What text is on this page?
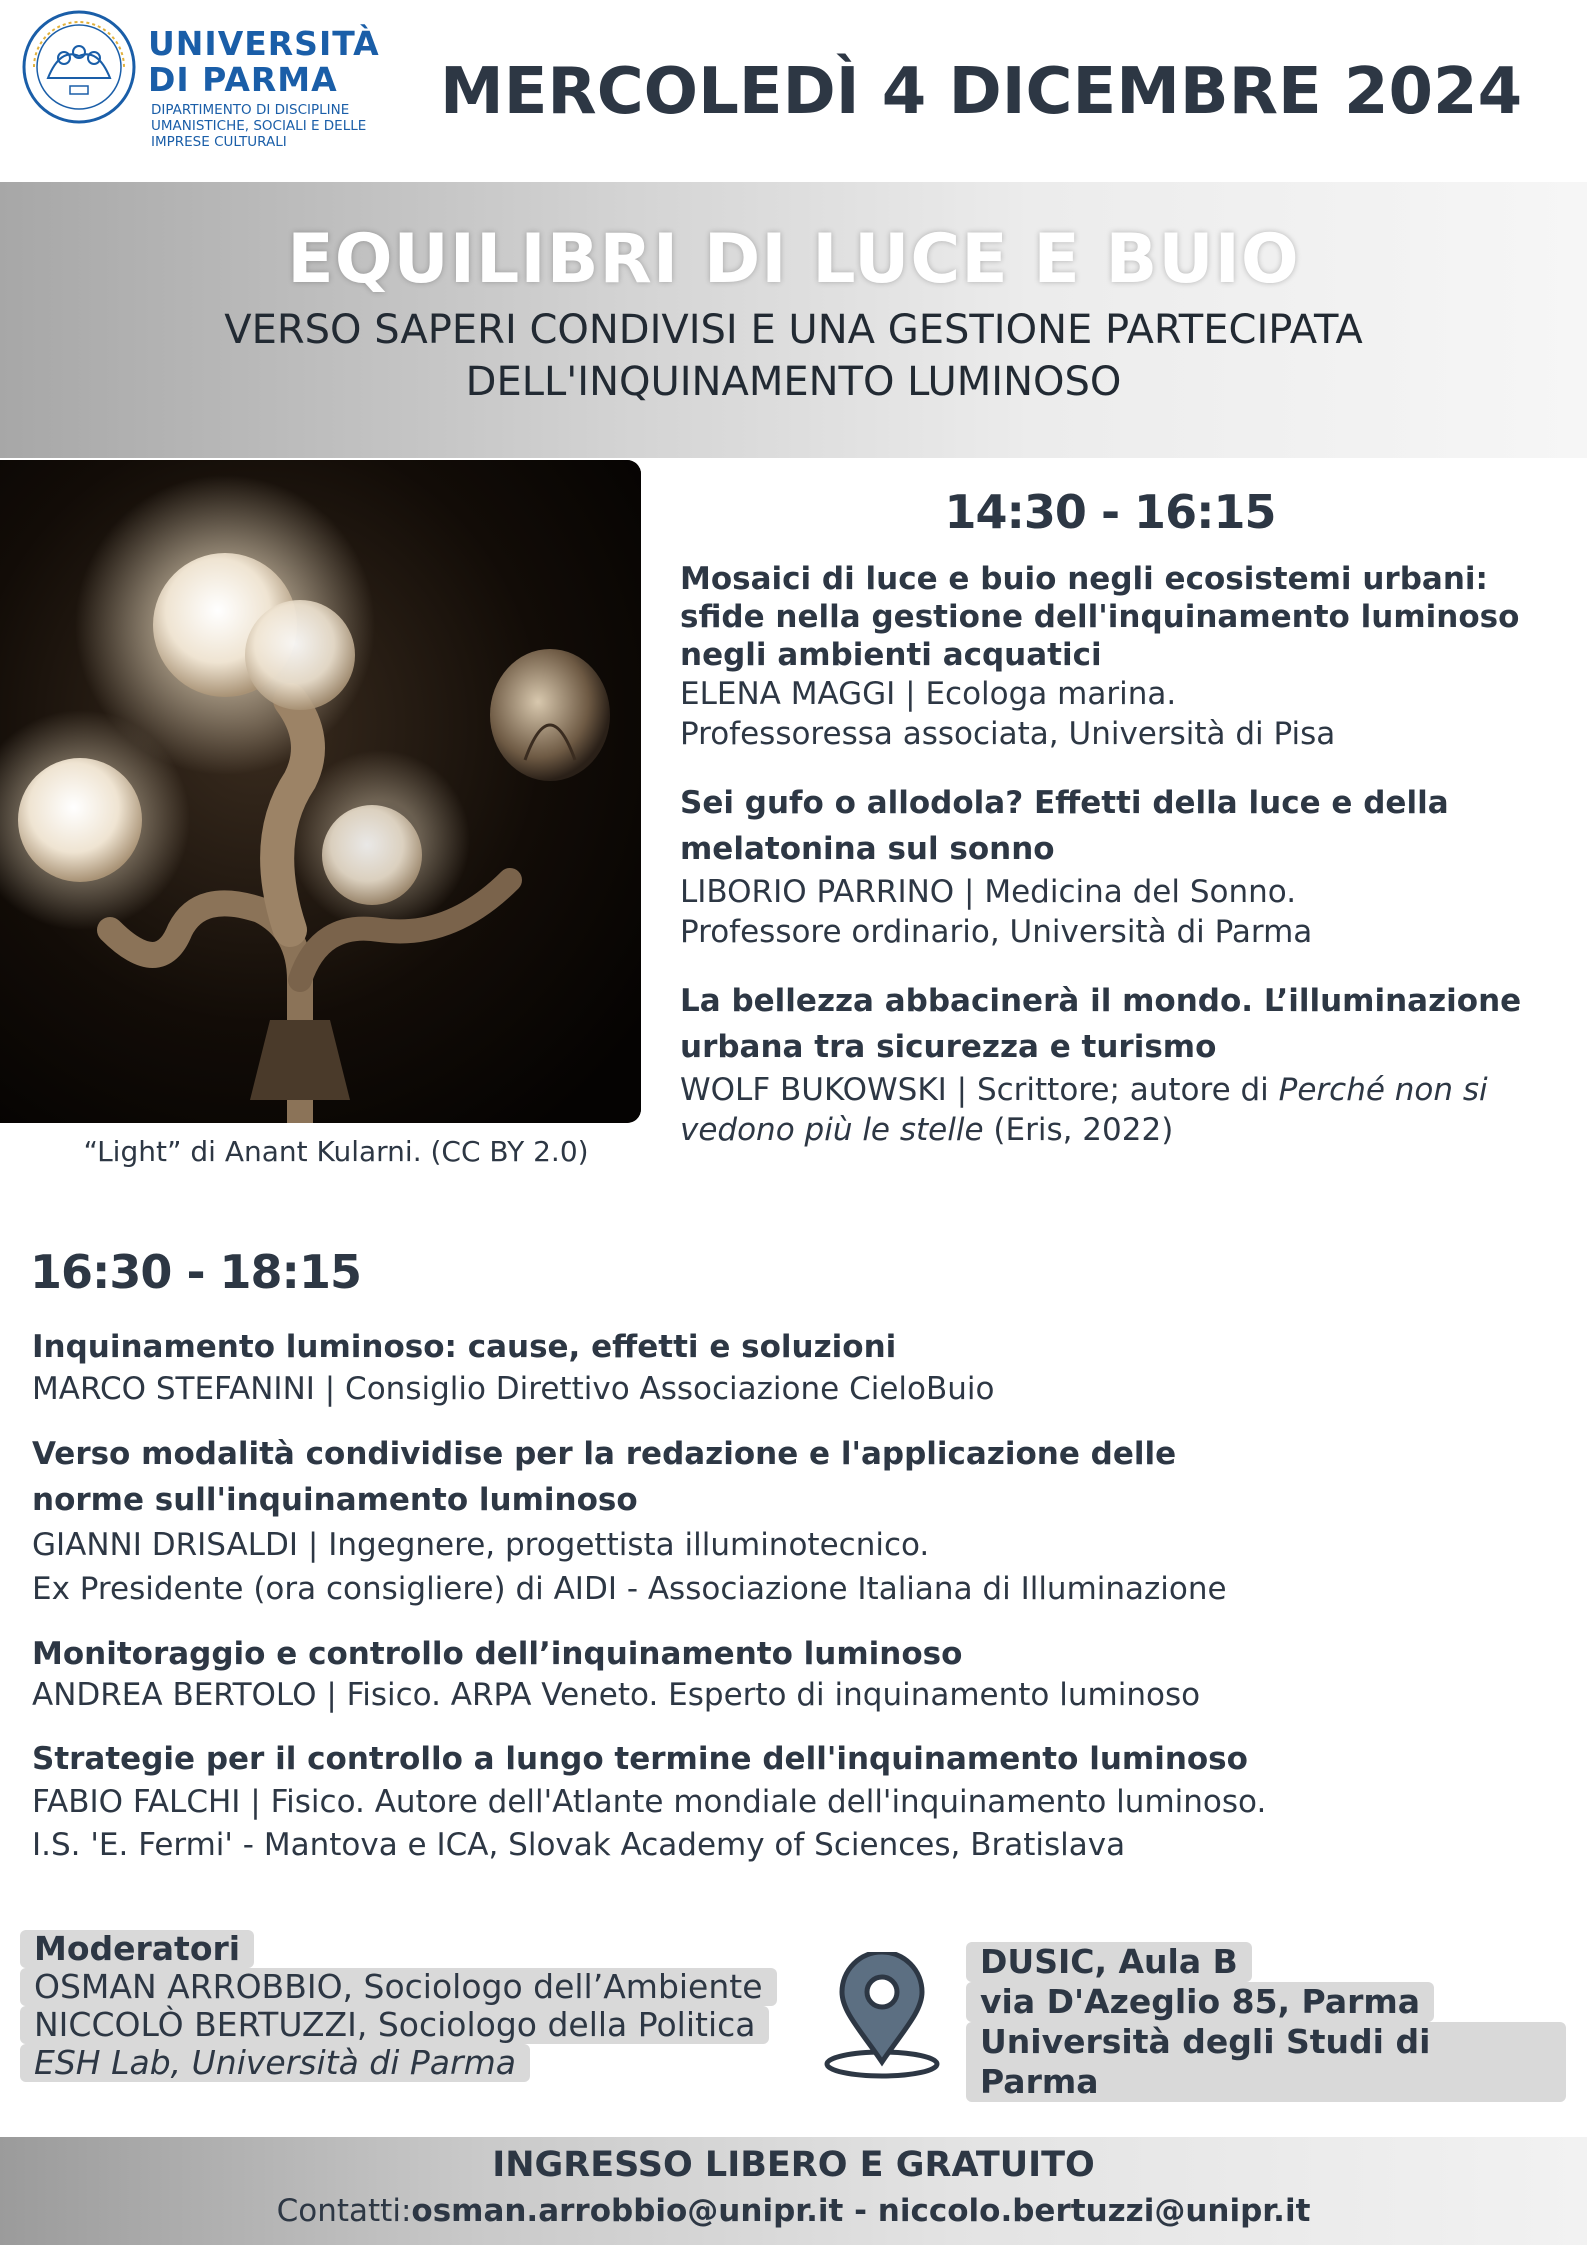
UNIVERSITÀ
DI PARMA
DIPARTIMENTO DI DISCIPLINE UMANISTICHE, SOCIALI E DELLE IMPRESE CULTURALI
MERCOLEDÌ 4 DICEMBRE 2024
EQUILIBRI DI LUCE E BUIO
VERSO SAPERI CONDIVISI E UNA GESTIONE PARTECIPATA
DELL'INQUINAMENTO LUMINOSO
“Light” di Anant Kularni. (CC BY 2.0)
14:30 - 16:15
Mosaici di luce e buio negli ecosistemi urbani: sfide nella gestione dell'inquinamento luminoso negli ambienti acquatici
ELENA MAGGI | Ecologa marina.
Professoressa associata, Università di Pisa
Sei gufo o allodola? Effetti della luce e della melatonina sul sonno
LIBORIO PARRINO | Medicina del Sonno.
Professore ordinario, Università di Parma
La bellezza abbacinerà il mondo. L’illuminazione urbana tra sicurezza e turismo
WOLF BUKOWSKI | Scrittore; autore di Perché non si vedono più le stelle (Eris, 2022)
16:30 - 18:15
Inquinamento luminoso: cause, effetti e soluzioni
MARCO STEFANINI | Consiglio Direttivo Associazione CieloBuio
Verso modalità condividise per la redazione e l'applicazione delle norme sull'inquinamento luminoso
GIANNI DRISALDI | Ingegnere, progettista illuminotecnico.
Ex Presidente (ora consigliere) di AIDI - Associazione Italiana di Illuminazione
Monitoraggio e controllo dell’inquinamento luminoso
ANDREA BERTOLO | Fisico. ARPA Veneto. Esperto di inquinamento luminoso
Strategie per il controllo a lungo termine dell'inquinamento luminoso
FABIO FALCHI | Fisico. Autore dell'Atlante mondiale dell'inquinamento luminoso.
I.S. 'E. Fermi' - Mantova e ICA, Slovak Academy of Sciences, Bratislava
Moderatori
OSMAN ARROBBIO, Sociologo dell’Ambiente
NICCOLÒ BERTUZZI, Sociologo della Politica
ESH Lab, Università di Parma
DUSIC, Aula B
via D'Azeglio 85, Parma
Università degli Studi di Parma
INGRESSO LIBERO E GRATUITO
Contatti:osman.arrobbio@unipr.it - niccolo.bertuzzi@unipr.it
